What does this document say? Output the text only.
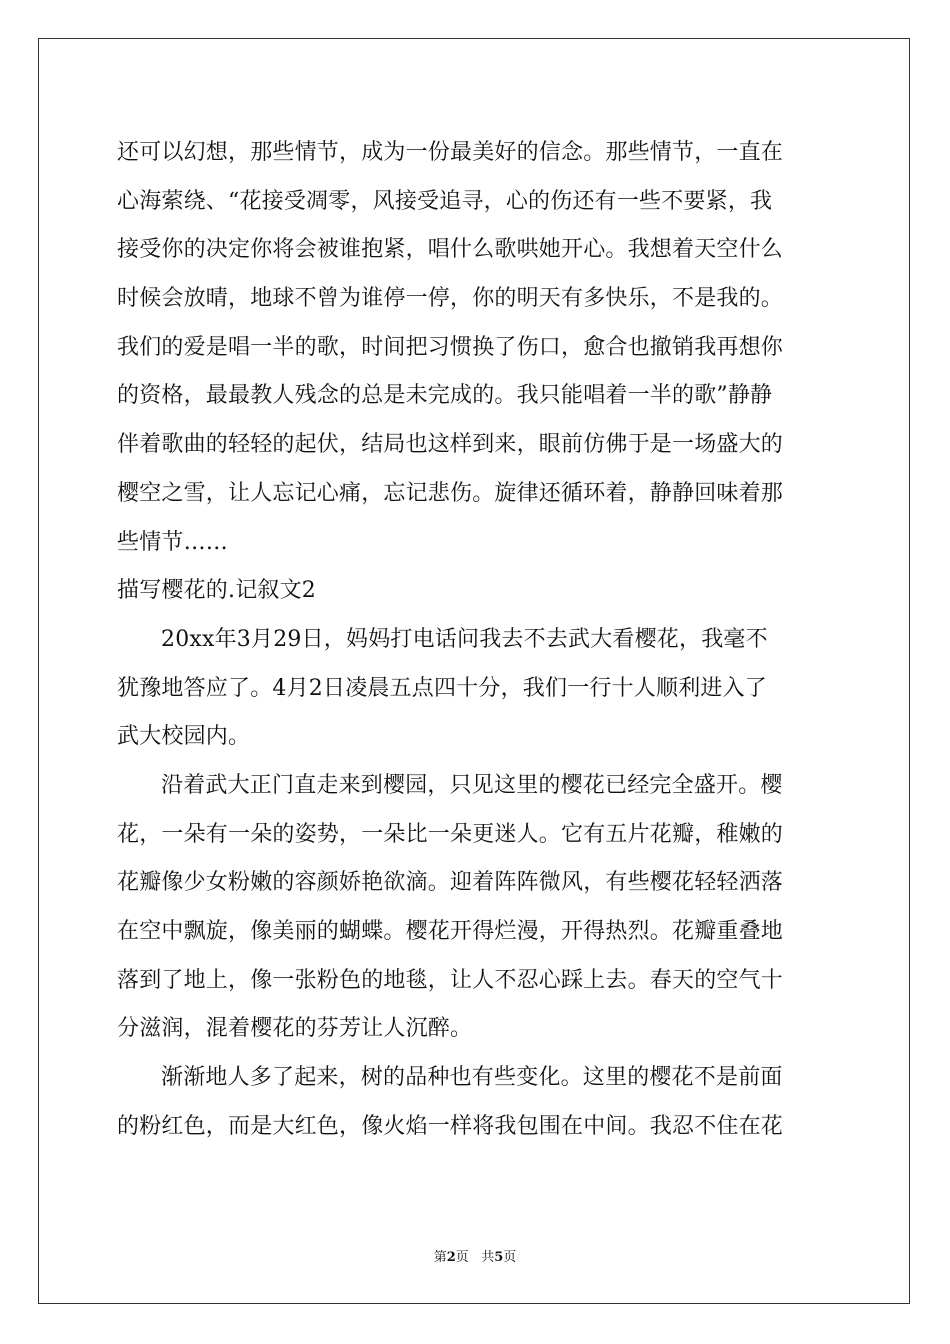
还可以幻想，那些情节，成为一份最美好的信念。那些情节，一直在
心海萦绕、“花接受凋零，风接受追寻，心的伤还有一些不要紧，我
接受你的决定你将会被谁抱紧，唱什么歌哄她开心。我想着天空什么
时候会放晴，地球不曾为谁停一停，你的明天有多快乐，不是我的。
我们的爱是唱一半的歌，时间把习惯换了伤口，愈合也撤销我再想你
的资格，最最教人残念的总是未完成的。我只能唱着一半的歌”静静
伴着歌曲的轻轻的起伏，结局也这样到来，眼前仿佛于是一场盛大的
樱空之雪，让人忘记心痛，忘记悲伤。旋律还循环着，静静回味着那
些情节……
描写樱花的.记叙文2
20xx年3月29日，妈妈打电话问我去不去武大看樱花，我毫不
犹豫地答应了。4月2日凌晨五点四十分，我们一行十人顺利进入了
武大校园内。
沿着武大正门直走来到樱园，只见这里的樱花已经完全盛开。樱
花，一朵有一朵的姿势，一朵比一朵更迷人。它有五片花瓣，稚嫩的
花瓣像少女粉嫩的容颜娇艳欲滴。迎着阵阵微风，有些樱花轻轻洒落
在空中飘旋，像美丽的蝴蝶。樱花开得烂漫，开得热烈。花瓣重叠地
落到了地上，像一张粉色的地毯，让人不忍心踩上去。春天的空气十
分滋润，混着樱花的芬芳让人沉醉。
渐渐地人多了起来，树的品种也有些变化。这里的樱花不是前面
的粉红色，而是大红色，像火焰一样将我包围在中间。我忍不住在花
第2页 共5页
